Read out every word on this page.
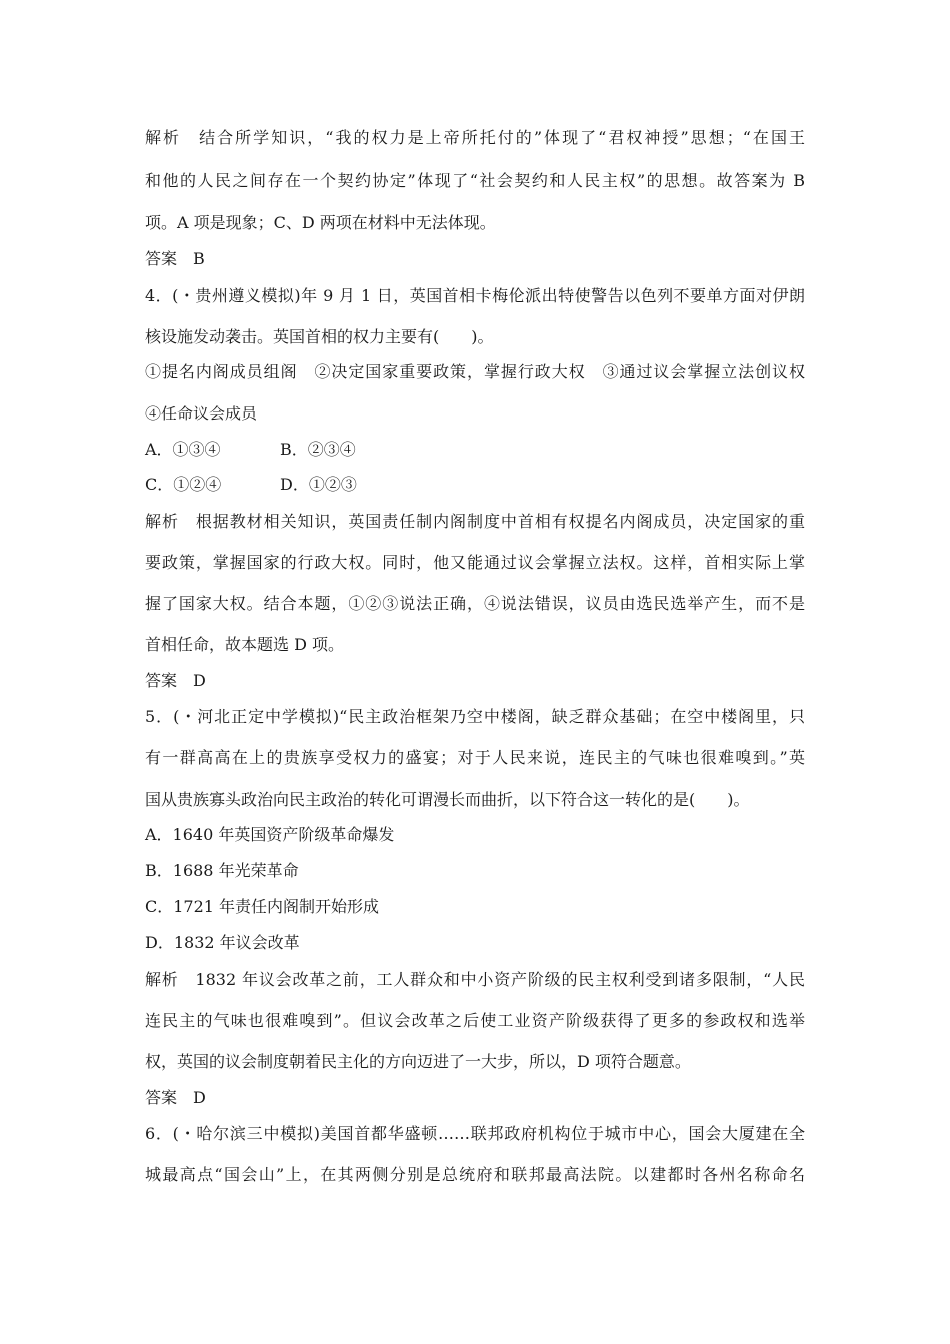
解析　结合所学知识，“我的权力是上帝所托付的”体现了“君权神授”思想；“在国王
和他的人民之间存在一个契约协定”体现了“社会契约和人民主权”的思想。故答案为 B
项。A 项是现象；C、D 两项在材料中无法体现。
答案　B
4．(・贵州遵义模拟)年 9 月 1 日，英国首相卡梅伦派出特使警告以色列不要单方面对伊朗
核设施发动袭击。英国首相的权力主要有(　　)。
①提名内阁成员组阁　②决定国家重要政策，掌握行政大权　③通过议会掌握立法创议权
④任命议会成员
A．①③④	B．②③④
C．①②④	D．①②③
解析　根据教材相关知识，英国责任制内阁制度中首相有权提名内阁成员，决定国家的重
要政策，掌握国家的行政大权。同时，他又能通过议会掌握立法权。这样，首相实际上掌
握了国家大权。结合本题，①②③说法正确，④说法错误，议员由选民选举产生，而不是
首相任命，故本题选 D 项。
答案　D
5．(・河北正定中学模拟)“民主政治框架乃空中楼阁，缺乏群众基础；在空中楼阁里，只
有一群高高在上的贵族享受权力的盛宴；对于人民来说，连民主的气味也很难嗅到。”英
国从贵族寡头政治向民主政治的转化可谓漫长而曲折，以下符合这一转化的是(　　)。
A．1640 年英国资产阶级革命爆发
B．1688 年光荣革命
C．1721 年责任内阁制开始形成
D．1832 年议会改革
解析　1832 年议会改革之前，工人群众和中小资产阶级的民主权利受到诸多限制，“人民
连民主的气味也很难嗅到”。但议会改革之后使工业资产阶级获得了更多的参政权和选举
权，英国的议会制度朝着民主化的方向迈进了一大步，所以，D 项符合题意。
答案　D
6．(・哈尔滨三中模拟)美国首都华盛顿……联邦政府机构位于城市中心，国会大厦建在全
城最高点“国会山”上，在其两侧分别是总统府和联邦最高法院。以建都时各州名称命名
